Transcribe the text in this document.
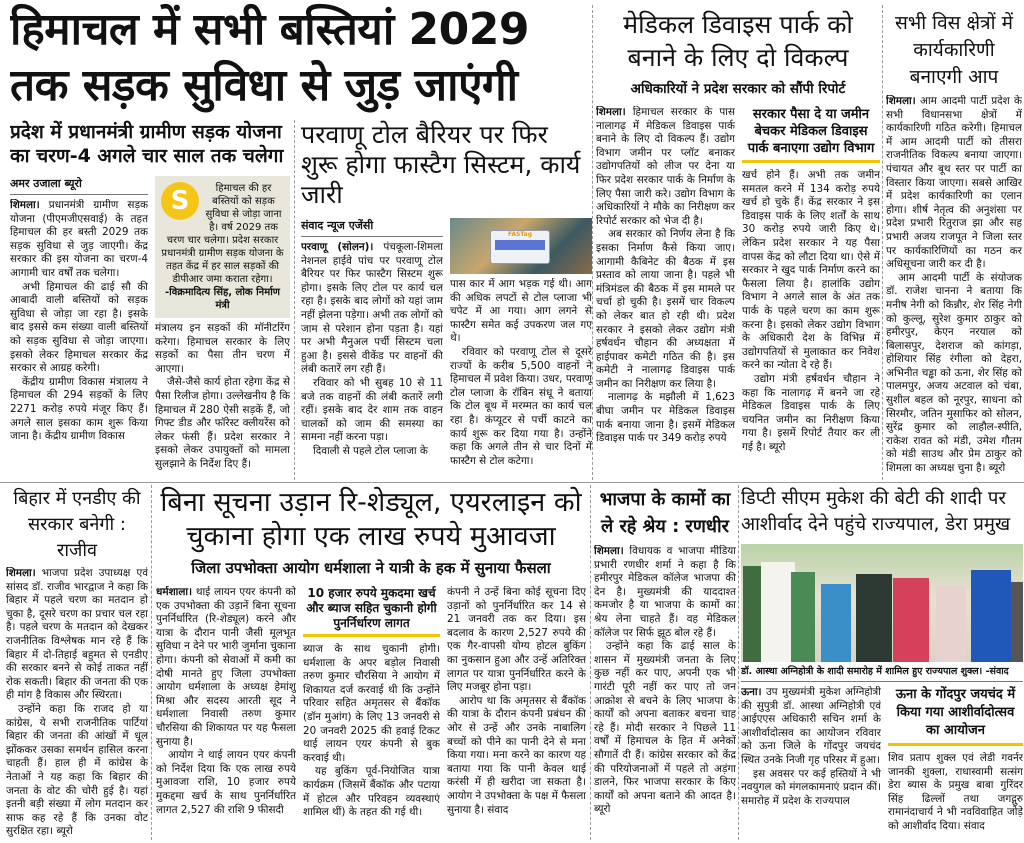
हिमाचल में सभी बस्तियां 2029 तक सड़क सुविधा से जुड़ जाएंगी
प्रदेश में प्रधानमंत्री ग्रामीण सड़क योजना का चरण-4 अगले चार साल तक चलेगा
अमर उजाला ब्यूरो

शिमला। प्रधानमंत्री ग्रामीण सड़क योजना (पीएमजीएसवाई) के तहत हिमाचल की हर बस्ती 2029 तक सड़क सुविधा से जुड़ जाएगी। केंद्र सरकार की इस योजना का चरण-4 आगामी चार वर्षों तक चलेगा।

अभी हिमाचल की ढाई सौ की आबादी वाली बस्तियों को सड़क सुविधा से जोड़ा जा रहा है। इसके बाद इससे कम संख्या वाली बस्तियों को सड़क सुविधा से जोड़ा जाएगा। इसको लेकर हिमाचल सरकार केंद्र सरकार से आग्रह करेगी।

केंद्रीय ग्रामीण विकास मंत्रालय ने हिमाचल की 294 सड़कों के लिए 2271 करोड़ रुपये मंजूर किए हैं। अगले साल इसका काम शुरू किया जाना है। केंद्रीय ग्रामीण विकास

S	हिमाचल की हर बस्तियों को सड़क सुविधा से जोड़ा जाना है। वर्ष 2029 तक चरण चार चलेगा। प्रदेश सरकार प्रधानमंत्री ग्रामीण सड़क योजना के तहत केंद्र में हर साल सड़कों की डीपीआर जमा कराता रहेगा। -विक्रमादित्य सिंह, लोक निर्माण मंत्री

मंत्रालय इन सड़कों की मॉनीटरिंग करेगा। हिमाचल सरकार के लिए सड़कों का पैसा तीन चरण में आएगा।

जैसे-जैसे कार्य होता रहेगा केंद्र से पैसा रिलीज होगा। उल्लेखनीय है कि हिमाचल में 280 ऐसी सड़कें हैं, जो गिफ्ट डीड और फॉरेस्ट क्लीयरेंस को लेकर फंसी हैं। प्रदेश सरकार ने इसको लेकर उपायुक्तों को मामला सुलझाने के निर्देश दिए हैं।

परवाणू टोल बैरियर पर फिर शुरू होगा फास्टैग सिस्टम, कार्य जारी
संवाद न्यूज एजेंसी

परवाणू (सोलन)। पंचकूला-शिमला नेशनल हाईवे पांच पर परवाणू टोल बैरियर पर फिर फास्टैग सिस्टम शुरू होगा। इसके लिए टोल पर कार्य चल रहा है। इसके बाद लोगों को यहां जाम नहीं झेलना पड़ेगा। अभी तक लोगों को जाम से परेशान होना पड़ता है। यहां पर अभी मैनुअल पर्ची सिस्टम चला हुआ है। इससे वीकेंड पर वाहनों की लंबी कतारें लग रही हैं।

रविवार को भी सुबह 10 से 11 बजे तक वाहनों की लंबी कतारें लगी रहीं। इसके बाद देर शाम तक वाहन चालकों को जाम की समस्या का सामना नहीं करना पड़ा।

दिवाली से पहले टोल प्लाजा के

FASTag

पास कार में आग भड़क गई थी। आग की अधिक लपटों से टोल प्लाजा भी चपेट में आ गया। आग लगने से फास्टैग समेत कई उपकरण जल गए थे।

रविवार को परवाणू टोल से दूसरे राज्यों के करीब 5,500 वाहनों ने हिमाचल में प्रवेश किया। उधर, परवाणू टोल प्लाजा के रॉबिन संधू ने बताया कि टोल बूथ में मरम्मत का कार्य चल रहा है। कंप्यूटर से पर्ची काटने का कार्य शुरू कर दिया गया है। उन्होंने कहा कि अगले तीन से चार दिनों में फास्टैग से टोल कटेगा।

मेडिकल डिवाइस पार्क को बनाने के लिए दो विकल्प
अधिकारियों ने प्रदेश सरकार को सौंपी रिपोर्ट

शिमला। हिमाचल सरकार के पास नालागढ़ में मेडिकल डिवाइस पार्क बनाने के लिए दो विकल्प हैं। उद्योग विभाग जमीन पर प्लॉट बनाकर उद्योगपतियों को लीज पर देना या फिर प्रदेश सरकार पार्क के निर्माण के लिए पैसा जारी करे। उद्योग विभाग के अधिकारियों ने मौके का निरीक्षण कर रिपोर्ट सरकार को भेज दी है।

अब सरकार को निर्णय लेना है कि इसका निर्माण कैसे किया जाए। आगामी कैबिनेट की बैठक में इस प्रस्ताव को लाया जाना है। पहले भी मंत्रिमंडल की बैठक में इस मामले पर चर्चा हो चुकी है। इसमें चार विकल्प को लेकर बात हो रही थी। प्रदेश सरकार ने इसको लेकर उद्योग मंत्री हर्षवर्धन चौहान की अध्यक्षता में हाईपावर कमेटी गठित की है। इस कमेटी ने नालागढ़ डिवाइस पार्क जमीन का निरीक्षण कर लिया है।

नालागढ़ के मझौली में 1,623 बीघा जमीन पर मेडिकल डिवाइस पार्क बनाया जाना है। इसमें मेडिकल डिवाइस पार्क पर 349 करोड़ रुपये

सरकार पैसा दे या जमीन बेचकर मेडिकल डिवाइस पार्क बनाएगा उद्योग विभाग

खर्च होने हैं। अभी तक जमीन समतल करने में 134 करोड़ रुपये खर्च हो चुके हैं। केंद्र सरकार ने इस डिवाइस पार्क के लिए शर्तों के साथ 30 करोड़ रुपये जारी किए थे। लेकिन प्रदेश सरकार ने यह पैसा वापस केंद्र को लौटा दिया था। ऐसे में सरकार ने खुद पार्क निर्माण करने का फैसला लिया है। हालांकि उद्योग विभाग ने अगले साल के अंत तक पार्क के पहले चरण का काम शुरू करना है। इसको लेकर उद्योग विभाग के अधिकारी देश के विभिन्न में उद्योगपतियों से मुलाकात कर निवेश करने का न्योता दे रहे हैं।

उद्योग मंत्री हर्षवर्धन चौहान ने कहा कि नालागढ़ में बनने जा रहे मेडिकल डिवाइस पार्क के लिए चयनित जमीन का निरीक्षण किया गया है। इसमें रिपोर्ट तैयार कर ली गई है। ब्यूरो

सभी विस क्षेत्रों में कार्यकारिणी बनाएगी आप

शिमला। आम आदमी पार्टी प्रदेश के सभी विधानसभा क्षेत्रों में कार्यकारिणी गठित करेगी। हिमाचल में आम आदमी पार्टी को तीसरा राजनीतिक विकल्प बनाया जाएगा। पंचायत और बूथ स्तर पर पार्टी का विस्तार किया जाएगा। सबसे आखिर में प्रदेश कार्यकारिणी का एलान होगा। शीर्ष नेतृत्व की अनुशंसा पर प्रदेश प्रभारी रितुराज झा और सह प्रभारी अजय राजपूत ने जिला स्तर पर कार्यकारिणियों का गठन कर अधिसूचना जारी कर दी है।

आम आदमी पार्टी के संयोजक डॉ. राजेश चानना ने बताया कि मनीष नेगी को किन्नौर, शेर सिंह नेगी को कुल्लू, सुरेश कुमार ठाकुर को हमीरपुर, केएन नरयाल को बिलासपुर, देशराज को कांगड़ा, होशियार सिंह रंगीला को देहरा, अभिनीत चड्ढा को ऊना, शेर सिंह को पालमपुर, अजय अटवाल को चंबा, सुशील बहल को नूरपुर, साधना को सिरमौर, जतिन मुसाफिर को सोलन, सुरेंद्र कुमार को लाहौल-स्पीति, राकेश रावत को मंडी, उमेश गौतम को मंडी साउथ और प्रेम ठाकुर को शिमला का अध्यक्ष चुना है। ब्यूरो

बिहार में एनडीए की सरकार बनेगी : राजीव

शिमला। भाजपा प्रदेश उपाध्यक्ष एवं सांसद डॉ. राजीव भारद्वाज ने कहा कि बिहार में पहले चरण का मतदान हो चुका है, दूसरे चरण का प्रचार चल रहा है। पहले चरण के मतदान को देखकर राजनीतिक विश्लेषक मान रहे हैं कि बिहार में दो-तिहाई बहुमत से एनडीए की सरकार बनने से कोई ताकत नहीं रोक सकती। बिहार की जनता की एक ही मांग है विकास और स्थिरता।

उन्होंने कहा कि राजद हो या कांग्रेस, ये सभी राजनीतिक पार्टियां बिहार की जनता की आंखों में धूल झोंककर उसका समर्थन हासिल करना चाहती हैं। हाल ही में कांग्रेस के नेताओं ने यह कहा कि बिहार की जनता के वोट की चोरी हुई है। यहां इतनी बड़ी संख्या में लोग मतदान कर साफ कह रहे हैं कि उनका वोट सुरक्षित रहा। ब्यूरो

बिना सूचना उड़ान रि-शेड्यूल, एयरलाइन को चुकाना होगा एक लाख रुपये मुआवजा
जिला उपभोक्ता आयोग धर्मशाला ने यात्री के हक में सुनाया फैसला

धर्मशाला। थाई लायन एयर कंपनी को एक उपभोक्ता की उड़ानें बिना सूचना पुनर्निर्धारित (रि-शेड्यूल) करने और यात्रा के दौरान पानी जैसी मूलभूत सुविधा न देने पर भारी जुर्माना चुकाना होगा। कंपनी को सेवाओं में कमी का दोषी मानते हुए जिला उपभोक्ता आयोग धर्मशाला के अध्यक्ष हेमांशु मिश्रा और सदस्य आरती सूद ने धर्मशाला निवासी तरुण कुमार चौरसिया की शिकायत पर यह फैसला सुनाया है।

आयोग ने थाई लायन एयर कंपनी को निर्देश दिया कि एक लाख रुपये मुआवजा राशि, 10 हजार रुपये मुकद्दमा खर्च के साथ पुनर्निर्धारित लागत 2,527 की राशि 9 फीसदी

10 हजार रुपये मुकदमा खर्च और ब्याज सहित चुकानी होगी पुनर्निर्धारण लागत

ब्याज के साथ चुकानी होगी। धर्मशाला के अपर बड़ोल निवासी तरुण कुमार चौरसिया ने आयोग में शिकायत दर्ज करवाई थी कि उन्होंने परिवार सहित अमृतसर से बैंकॉक (डॉन मुआंग) के लिए 13 जनवरी से 20 जनवरी 2025 की हवाई टिकट थाई लायन एयर कंपनी से बुक करवाई थी।

यह बुकिंग पूर्व-नियोजित यात्रा कार्यक्रम (जिसमें बैंकॉक और पटाया में होटल और परिवहन व्यवस्थाएं शामिल थीं) के तहत की गई थी।

कंपनी ने उन्हें बिना कोई सूचना दिए उड़ानों को पुनर्निर्धारित कर 14 से 21 जनवरी तक कर दिया। इस बदलाव के कारण 2,527 रुपये की एक गैर-वापसी योग्य होटल बुकिंग का नुकसान हुआ और उन्हें अतिरिक्त लागत पर यात्रा पुनर्निर्धारित करने के लिए मजबूर होना पड़ा।

आरोप था कि अमृतसर से बैंकॉक की यात्रा के दौरान कंपनी प्रबंधन की ओर से उन्हें और उनके नाबालिग बच्चों को पीने का पानी देने से मना किया गया। मना करने का कारण यह बताया गया कि पानी केवल थाई करंसी में ही खरीदा जा सकता है। आयोग ने उपभोक्ता के पक्ष में फैसला सुनाया है। संवाद

भाजपा के कामों का ले रहे श्रेय : रणधीर

शिमला। विधायक व भाजपा मीडिया प्रभारी रणधीर शर्मा ने कहा है कि हमीरपुर मेडिकल कॉलेज भाजपा की देन है। मुख्यमंत्री की याददाश्त कमजोर है या भाजपा के कामों का श्रेय लेना चाहते हैं। वह मेडिकल कॉलेज पर सिर्फ झूठ बोल रहे हैं।

उन्होंने कहा कि ढाई साल के शासन में मुख्यमंत्री जनता के लिए कुछ नहीं कर पाए, अपनी एक भी गारंटी पूरी नहीं कर पाए तो जन आक्रोश से बचने के लिए भाजपा के कार्यों को अपना बताकर बचना चाह रहे हैं। मोदी सरकार ने पिछले 11 वर्षों में हिमाचल के हित में अनेकों सौगातें दी हैं। कांग्रेस सरकार को केंद्र की परियोजनाओं में पहले तो अड़ंगा डालने, फिर भाजपा सरकार के किए कार्यों को अपना बताने की आदत है। ब्यूरो

डिप्टी सीएम मुकेश की बेटी की शादी पर आशीर्वाद देने पहुंचे राज्यपाल, डेरा प्रमुख
डॉ. आस्था अग्निहोत्री के शादी समारोह में शामिल हुए राज्यपाल शुक्ल। -संवाद

ऊना। उप मुख्यमंत्री मुकेश अग्निहोत्री की सुपुत्री डॉ. आस्था अग्निहोत्री एवं आईएएस अधिकारी सचिन शर्मा के आशीर्वादोत्सव का आयोजन रविवार को ऊना जिले के गोंदपुर जयचंद स्थित उनके निजी गृह परिसर में हुआ।

इस अवसर पर कई हस्तियों ने भी नवयुगल को मंगलकामनाएं प्रदान कीं। समारोह में प्रदेश के राज्यपाल

ऊना के गोंदपुर जयचंद में किया गया आशीर्वादोत्सव का आयोजन

शिव प्रताप शुक्ल एवं लेडी गवर्नर जानकी शुक्ला, राधास्वामी सत्संग डेरा ब्यास के प्रमुख बाबा गुरिंदर सिंह ढिल्लों तथा जगद्गुरु रामानंदाचार्य ने भी नवविवाहित जोड़े को आशीर्वाद दिया। संवाद
